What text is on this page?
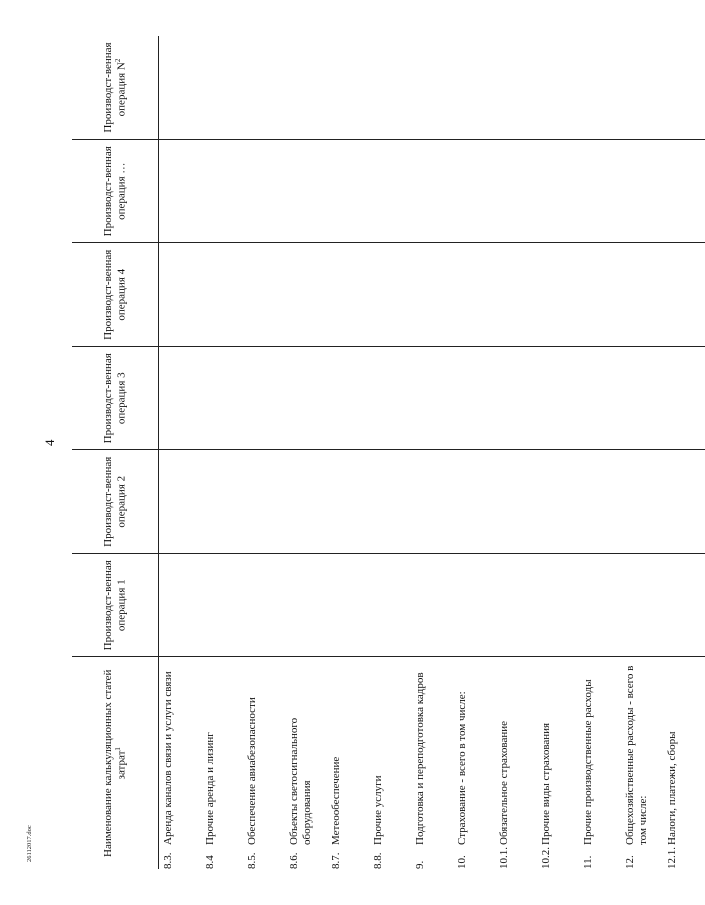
4
26112017.doc	Наименование калькуляционных статей затрат$^1$		Производст-венная операция 1	Производст-венная операция 2	Производст-венная операция 3	Производст-венная операция 4	Производст-венная операция …	Производст-венная операция $N^2$
8.3.	Аренда каналов связи и услуги связи						
8.4	Прочие аренда и лизинг						
8.5.	Обеспечение авиабезопасности						
8.6.	Объекты светосигнального оборудования						
8.7.	Метеообеспечение						
8.8.	Прочие услуги						
9.	Подготовка и переподготовка кадров						
10.	Страхование - всего в том числе:						
10.1.	Обязательное страхование						
10.2.	Прочие виды страхования						
11.	Прочие производственные расходы						
12.	Общехозяйственные расходы - всего в том числе:						
12.1.	Налоги, платежи, сборы						
